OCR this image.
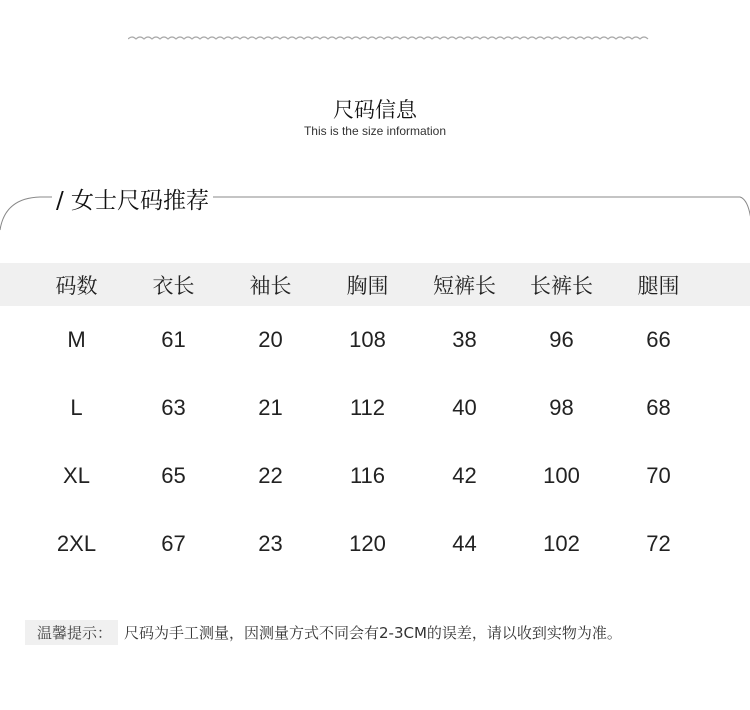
尺码信息
This is the size information
/ 女士尺码推荐
码数	衣长	袖长	胸围	短裤长	长裤长	腿围
M	61	20	108	38	96	66
L	63	21	112	40	98	68
XL	65	22	116	42	100	70
2XL	67	23	120	44	102	72
温馨提示： 尺码为手工测量，因测量方式不同会有2-3CM的误差，请以收到实物为准。
